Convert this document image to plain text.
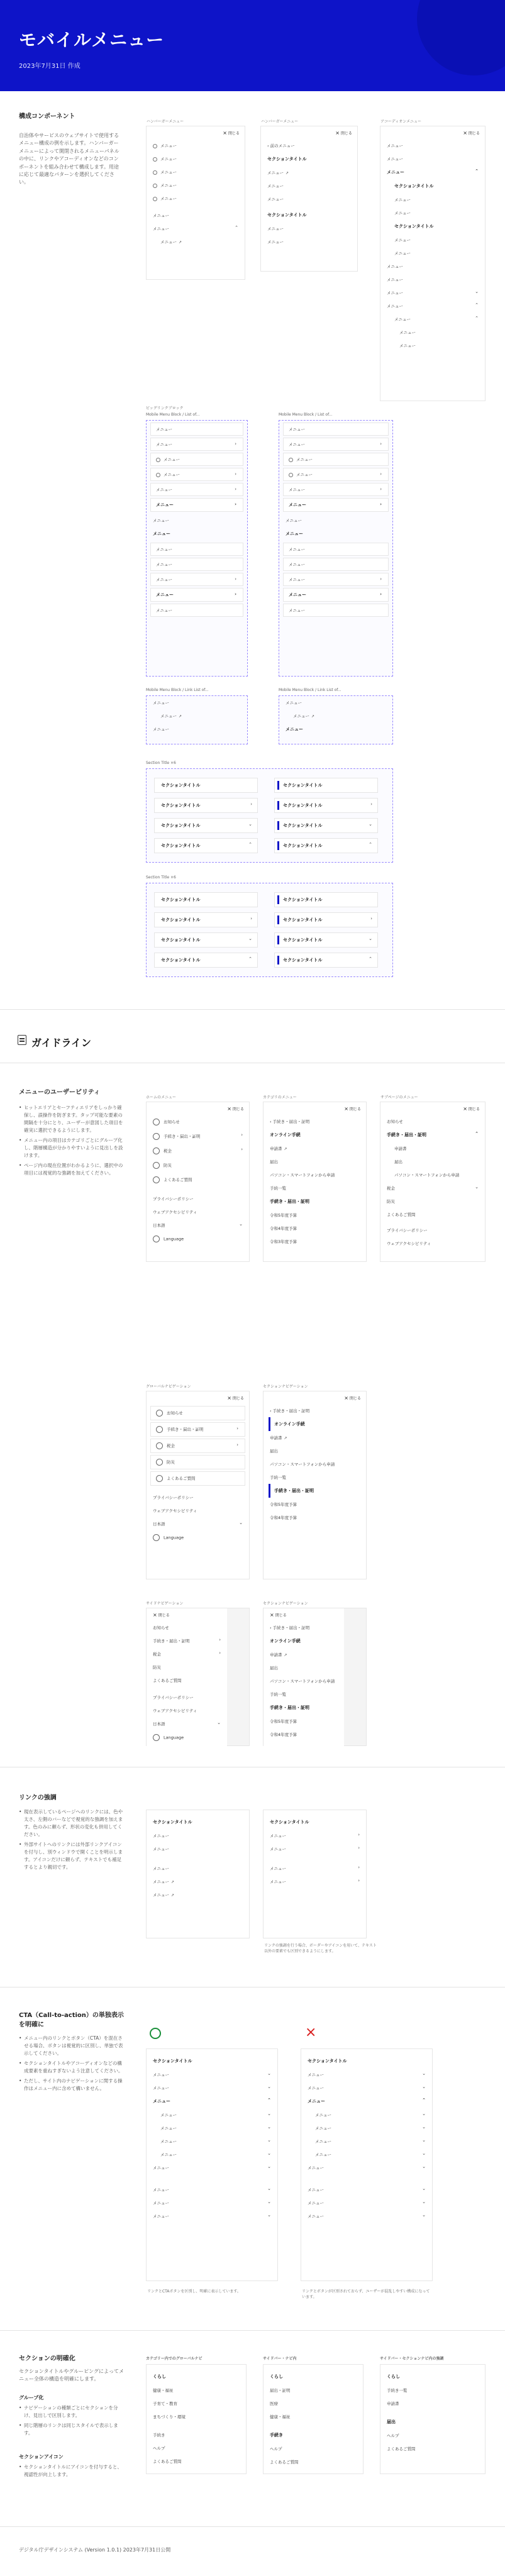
モバイルメニュー
2023年7月31日 作成
構成コンポーネント
自治体やサービスのウェブサイトで使用するメニュー構成の例を示します。ハンバーガーメニューによって開閉されるメニューパネルの中に、リンクやアコーディオンなどのコンポーネントを組み合わせて構成します。用途に応じて最適なパターンを選択してください。
ハンバーガーメニュー
× 閉じる
メニュー
メニュー
メニュー
メニュー
メニュー
メニュー
メニュー	⌃
メニュー ↗
ハンバーガーメニュー
× 閉じる
‹ 前のメニュー
セクションタイトル
メニュー ↗
メニュー
メニュー
セクションタイトル
メニュー
メニュー
アコーディオンメニュー
× 閉じる
メニュー
メニュー
メニュー	⌃
セクションタイトル
メニュー
メニュー
セクションタイトル
メニュー
メニュー
メニュー
メニュー
メニュー	⌄
メニュー	⌃
メニュー	⌃
メニュー
メニュー
ビッグリンクブロック
Mobile Menu Block / List of...
メニュー
メニュー	›
メニュー
メニュー	›
メニュー	›
メニュー	›
メニュー
メニュー
メニュー
メニュー
メニュー	›
メニュー	›
メニュー
Mobile Menu Block / List of...
メニュー
メニュー	›
メニュー
メニュー	›
メニュー	›
メニュー	›
メニュー
メニュー
メニュー
メニュー
メニュー	›
メニュー	›
メニュー
Mobile Menu Block / Link List of...
メニュー
メニュー ↗
メニュー
Mobile Menu Block / Link List of...
メニュー
メニュー ↗
メニュー
Section Title ×6
セクションタイトル	セクションタイトル
セクションタイトル	›	セクションタイトル	›
セクションタイトル	⌄	セクションタイトル	⌄
セクションタイトル	⌃	セクションタイトル	⌃
Section Title ×6
セクションタイトル	セクションタイトル
セクションタイトル	›	セクションタイトル	›
セクションタイトル	⌄	セクションタイトル	⌄
セクションタイトル	⌃	セクションタイトル	⌃
ガイドライン
メニューのユーザービリティ
• ヒットエリアとセーフティエリアをしっかり確保し、誤操作を防ぎます。タップ可能な要素の間隔を十分にとり、ユーザーが意図した項目を確実に選択できるようにします。
• メニュー内の項目はカテゴリごとにグループ化し、階層構造が分かりやすいように見出しを設けます。
• ページ内の現在位置がわかるように、選択中の項目には視覚的な強調を加えてください。
ホームのメニュー
× 閉じる
お知らせ
手続き・届出・証明	›
税金	›
防災
よくあるご質問
プライバシーポリシー
ウェブアクセシビリティ
日本語	⌄
Language
カテゴリのメニュー
× 閉じる
‹ 手続き・届出・証明
オンライン手続
申請書 ↗
届出
パソコン・スマートフォンから申請
手続一覧
手続き・届出・証明
令和5年度予算
令和4年度予算
令和3年度予算
サブページのメニュー
× 閉じる
お知らせ
手続き・届出・証明	⌃
申請書
届出
パソコン・スマートフォンから申請
税金	⌄
防災
よくあるご質問
プライバシーポリシー
ウェブアクセシビリティ
グローバルナビゲーション
× 閉じる
お知らせ
手続き・届出・証明	›
税金	›
防災
よくあるご質問
プライバシーポリシー
ウェブアクセシビリティ
日本語	⌄
Language
セクションナビゲーション
× 閉じる
‹ 手続き・届出・証明
オンライン手続
申請書 ↗
届出
パソコン・スマートフォンから申請
手続一覧
手続き・届出・証明
令和5年度予算
令和4年度予算
サイドナビゲーション
× 閉じる
お知らせ
手続き・届出・証明	›
税金	›
防災
よくあるご質問
プライバシーポリシー
ウェブアクセシビリティ
日本語	⌄
Language
セクションナビゲーション
× 閉じる
‹ 手続き・届出・証明
オンライン手続
申請書 ↗
届出
パソコン・スマートフォンから申請
手続一覧
手続き・届出・証明
令和5年度予算
令和4年度予算
リンクの強調
• 現在表示しているページへのリンクには、色や太さ、左側のバーなどで視覚的な強調を加えます。色のみに頼らず、形状の変化も併用してください。
• 外部サイトへのリンクには外部リンクアイコンを付与し、別ウィンドウで開くことを明示します。アイコンだけに頼らず、テキストでも補足するとより親切です。
セクションタイトル
メニュー
メニュー
メニュー
メニュー ↗
メニュー ↗
セクションタイトル
メニュー	›
メニュー	›
メニュー	›
メニュー	›
リンクの強調を行う場合、ボーダーやアイコンを用いて、テキスト以外の要素でも区別できるようにします。
CTA（Call-to-action）の単独表示を明確に
• メニュー内のリンクとボタン（CTA）を混在させる場合、ボタンは視覚的に区別し、単独で表示してください。
• セクションタイトルやアコーディオンなどの構成要素を重ねすぎないよう注意してください。
• ただし、サイト内のナビゲーションに関する操作はメニュー内に含めて構いません。
×
セクションタイトル
メニュー	⌄
メニュー	⌄
メニュー	⌃
メニュー	⌄
メニュー	⌄
メニュー	⌄
メニュー	⌄
メニュー	⌄
メニュー	⌄
メニュー	⌄
メニュー	⌄
リンクとCTAボタンを区別し、明確に表示しています。
セクションタイトル
メニュー	⌄
メニュー	⌄
メニュー	⌃
メニュー	⌄
メニュー	⌄
メニュー	⌄
メニュー	⌄
メニュー	⌄
メニュー	⌄
メニュー	⌄
メニュー	⌄
リンクとボタンが区別されておらず、ユーザーが混乱しやすい構成になっています。
セクションの明確化
セクションタイトルやグルーピングによってメニュー全体の構造を明確にします。
グループ化
• ナビゲーションの種類ごとにセクションを分け、見出しで区別します。
• 同じ階層のリンクは同じスタイルで表示します。
セクションアイコン
• セクションタイトルにアイコンを付与すると、視認性が向上します。
カテゴリー内でのグローバルナビ
くらし
健康・福祉
子育て・教育
まちづくり・環境
手続き
ヘルプ
よくあるご質問
サイドバー・ナビ内
くらし
届出・証明
医療
健康・福祉
手続き
ヘルプ
よくあるご質問
サイドバー・セクションナビ内の強調
くらし
手続き一覧
申請書
届出
ヘルプ
よくあるご質問
デジタル庁デザインシステム (Version 1.0.1) 2023年7月31日公開
